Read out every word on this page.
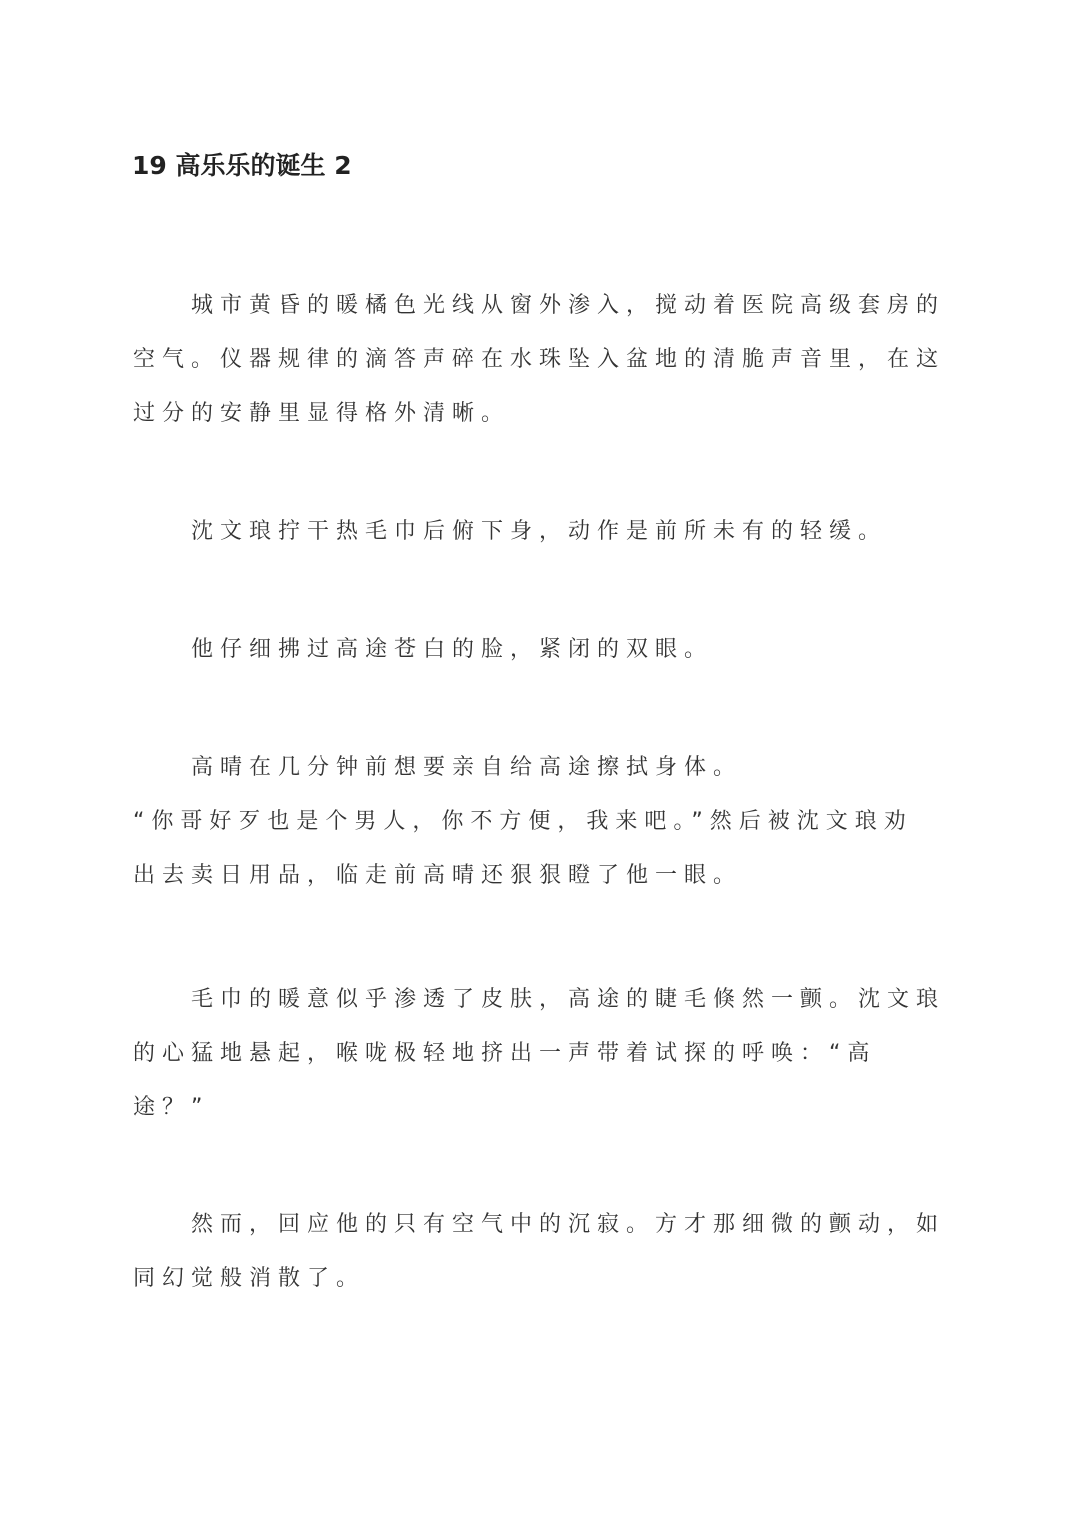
19 高乐乐的诞生 2
城市黄昏的暖橘色光线从窗外渗入，搅动着医院高级套房的
空气。仪器规律的滴答声碎在水珠坠入盆地的清脆声音里，在这
过分的安静里显得格外清晰。
沈文琅拧干热毛巾后俯下身，动作是前所未有的轻缓。
他仔细拂过高途苍白的脸，紧闭的双眼。
高晴在几分钟前想要亲自给高途擦拭身体。
“你哥好歹也是个男人，你不方便，我来吧。”然后被沈文琅劝
出去卖日用品，临走前高晴还狠狠瞪了他一眼。
毛巾的暖意似乎渗透了皮肤，高途的睫毛倏然一颤。沈文琅
的心猛地悬起，喉咙极轻地挤出一声带着试探的呼唤：“高
途？”
然而，回应他的只有空气中的沉寂。方才那细微的颤动，如
同幻觉般消散了。
